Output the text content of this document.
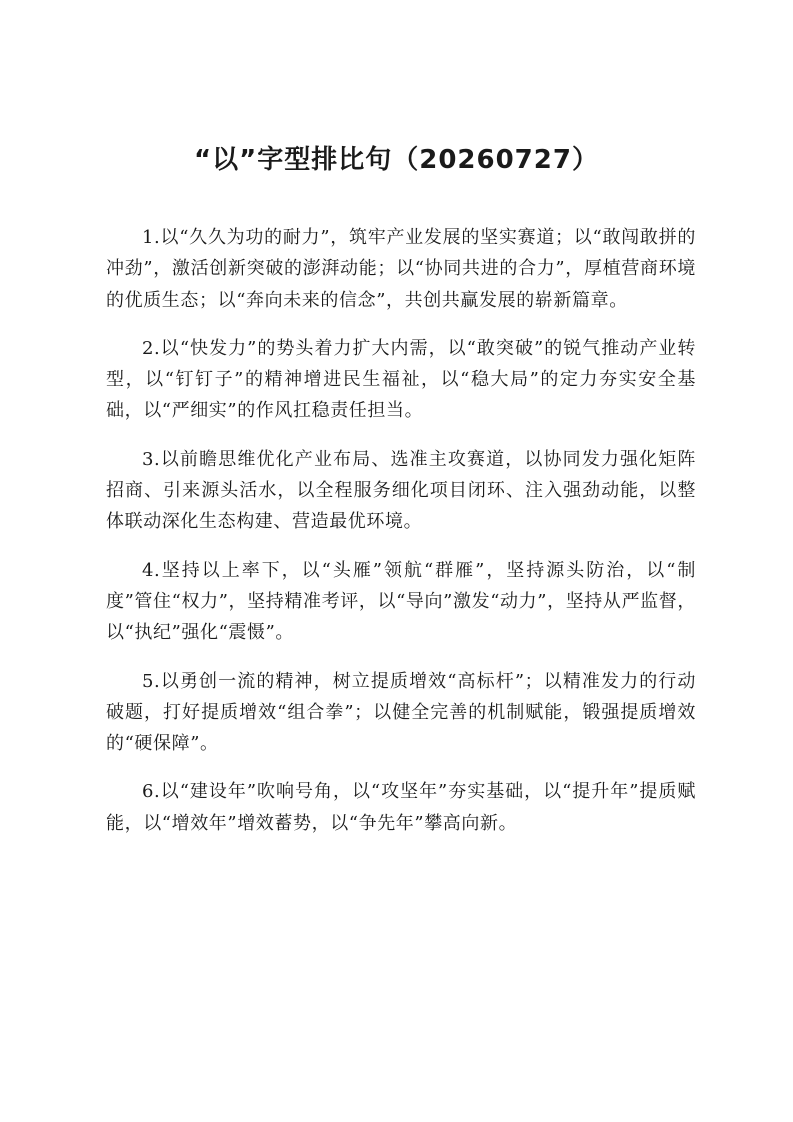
“以”字型排比句（20260727）

1.以“久久为功的耐力”，筑牢产业发展的坚实赛道；以“敢闯敢拼的冲劲”，激活创新突破的澎湃动能；以“协同共进的合力”，厚植营商环境的优质生态；以“奔向未来的信念”，共创共赢发展的崭新篇章。

2.以“快发力”的势头着力扩大内需，以“敢突破”的锐气推动产业转型，以“钉钉子”的精神增进民生福祉，以“稳大局”的定力夯实安全基础，以“严细实”的作风扛稳责任担当。

3.以前瞻思维优化产业布局、选准主攻赛道，以协同发力强化矩阵招商、引来源头活水，以全程服务细化项目闭环、注入强劲动能，以整体联动深化生态构建、营造最优环境。

4.坚持以上率下，以“头雁”领航“群雁”，坚持源头防治，以“制度”管住“权力”，坚持精准考评，以“导向”激发“动力”，坚持从严监督，以“执纪”强化“震慑”。

5.以勇创一流的精神，树立提质增效“高标杆”；以精准发力的行动破题，打好提质增效“组合拳”；以健全完善的机制赋能，锻强提质增效的“硬保障”。

6.以“建设年”吹响号角，以“攻坚年”夯实基础，以“提升年”提质赋能，以“增效年”增效蓄势，以“争先年”攀高向新。
